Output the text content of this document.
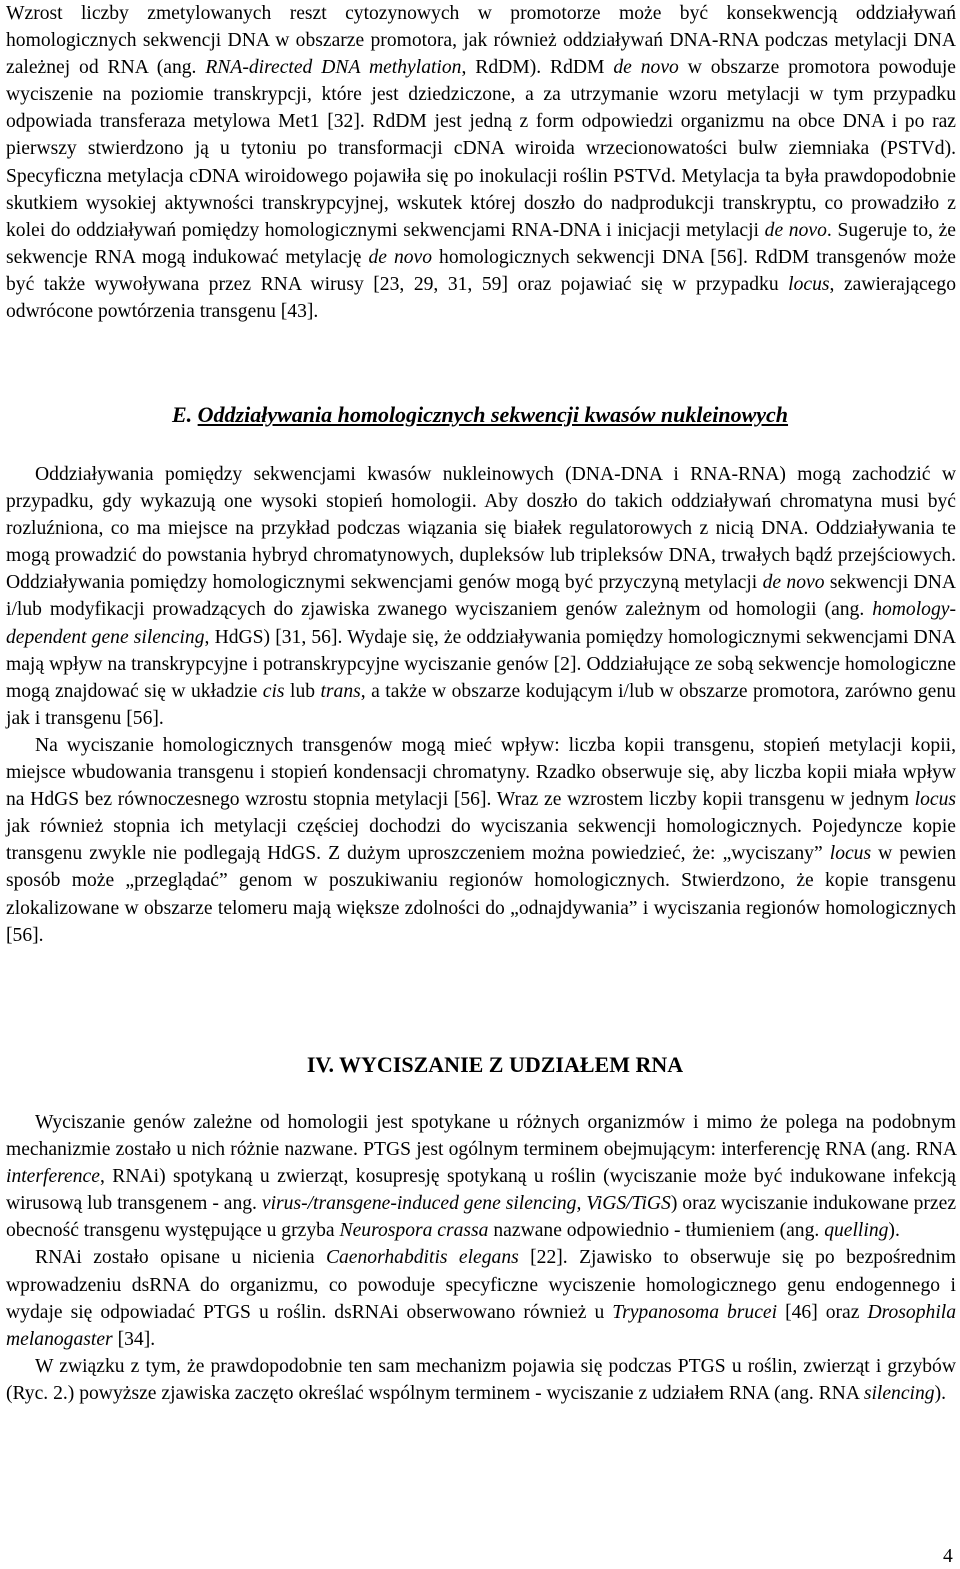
Wzrost liczby zmetylowanych reszt cytozynowych w promotorze może być konsekwencją oddziaływań homologicznych sekwencji DNA w obszarze promotora, jak również oddziaływań DNA-RNA podczas metylacji DNA zależnej od RNA (ang. RNA-directed DNA methylation, RdDM). RdDM de novo w obszarze promotora powoduje wyciszenie na poziomie transkrypcji, które jest dziedziczone, a za utrzymanie wzoru metylacji w tym przypadku odpowiada transferaza metylowa Met1 [32]. RdDM jest jedną z form odpowiedzi organizmu na obce DNA i po raz pierwszy stwierdzono ją u tytoniu po transformacji cDNA wiroida wrzecionowatości bulw ziemniaka (PSTVd). Specyficzna metylacja cDNA wiroidowego pojawiła się po inokulacji roślin PSTVd. Metylacja ta była prawdopodobnie skutkiem wysokiej aktywności transkrypcyjnej, wskutek której doszło do nadprodukcji transkryptu, co prowadziło z kolei do oddziaływań pomiędzy homologicznymi sekwencjami RNA-DNA i inicjacji metylacji de novo. Sugeruje to, że sekwencje RNA mogą indukować metylację de novo homologicznych sekwencji DNA [56]. RdDM transgenów może być także wywoływana przez RNA wirusy [23, 29, 31, 59] oraz pojawiać się w przypadku locus, zawierającego odwrócone powtórzenia transgenu [43].

E. Oddziaływania homologicznych sekwencji kwasów nukleinowych

Oddziaływania pomiędzy sekwencjami kwasów nukleinowych (DNA-DNA i RNA-RNA) mogą zachodzić w przypadku, gdy wykazują one wysoki stopień homologii. Aby doszło do takich oddziaływań chromatyna musi być rozluźniona, co ma miejsce na przykład podczas wiązania się białek regulatorowych z nicią DNA. Oddziaływania te mogą prowadzić do powstania hybryd chromatynowych, dupleksów lub tripleksów DNA, trwałych bądź przejściowych. Oddziaływania pomiędzy homologicznymi sekwencjami genów mogą być przyczyną metylacji de novo sekwencji DNA i/lub modyfikacji prowadzących do zjawiska zwanego wyciszaniem genów zależnym od homologii (ang. homology-dependent gene silencing, HdGS) [31, 56]. Wydaje się, że oddziaływania pomiędzy homologicznymi sekwencjami DNA mają wpływ na transkrypcyjne i potranskrypcyjne wyciszanie genów [2]. Oddziałujące ze sobą sekwencje homologiczne mogą znajdować się w układzie cis lub trans, a także w obszarze kodującym i/lub w obszarze promotora, zarówno genu jak i transgenu [56].

Na wyciszanie homologicznych transgenów mogą mieć wpływ: liczba kopii transgenu, stopień metylacji kopii, miejsce wbudowania transgenu i stopień kondensacji chromatyny. Rzadko obserwuje się, aby liczba kopii miała wpływ na HdGS bez równoczesnego wzrostu stopnia metylacji [56]. Wraz ze wzrostem liczby kopii transgenu w jednym locus jak również stopnia ich metylacji częściej dochodzi do wyciszania sekwencji homologicznych. Pojedyncze kopie transgenu zwykle nie podlegają HdGS. Z dużym uproszczeniem można powiedzieć, że: „wyciszany” locus w pewien sposób może „przeglądać” genom w poszukiwaniu regionów homologicznych. Stwierdzono, że kopie transgenu zlokalizowane w obszarze telomeru mają większe zdolności do „odnajdywania” i wyciszania regionów homologicznych [56].

IV. WYCISZANIE Z UDZIAŁEM RNA

Wyciszanie genów zależne od homologii jest spotykane u różnych organizmów i mimo że polega na podobnym mechanizmie zostało u nich różnie nazwane. PTGS jest ogólnym terminem obejmującym: interferencję RNA (ang. RNA interference, RNAi) spotykaną u zwierząt, kosupresję spotykaną u roślin (wyciszanie może być indukowane infekcją wirusową lub transgenem - ang. virus-/transgene-induced gene silencing, ViGS/TiGS) oraz wyciszanie indukowane przez obecność transgenu występujące u grzyba Neurospora crassa nazwane odpowiednio - tłumieniem (ang. quelling).

RNAi zostało opisane u nicienia Caenorhabditis elegans [22]. Zjawisko to obserwuje się po bezpośrednim wprowadzeniu dsRNA do organizmu, co powoduje specyficzne wyciszenie homologicznego genu endogennego i wydaje się odpowiadać PTGS u roślin. dsRNAi obserwowano również u Trypanosoma brucei [46] oraz Drosophila melanogaster [34].

W związku z tym, że prawdopodobnie ten sam mechanizm pojawia się podczas PTGS u roślin, zwierząt i grzybów (Ryc. 2.) powyższe zjawiska zaczęto określać wspólnym terminem - wyciszanie z udziałem RNA (ang. RNA silencing).

4
